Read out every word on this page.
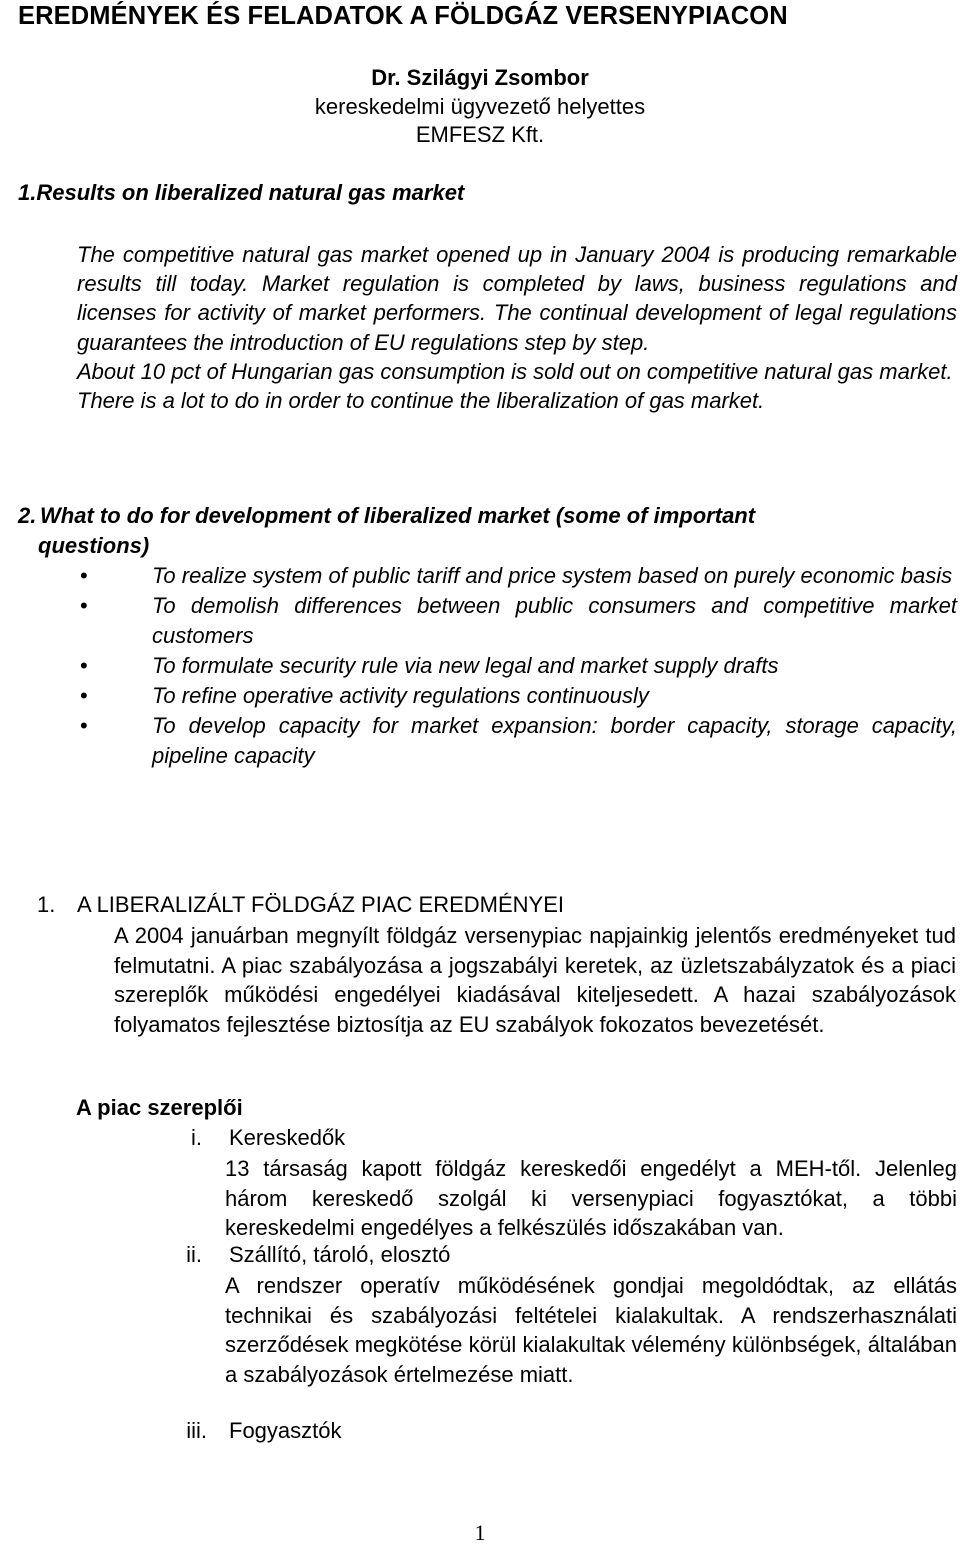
EREDMÉNYEK ÉS FELADATOK A FÖLDGÁZ VERSENYPIACON
Dr. Szilágyi Zsombor
kereskedelmi ügyvezető helyettes
EMFESZ Kft.
1.Results on liberalized natural gas market

The competitive natural gas market opened up in January 2004 is producing remarkable results till today. Market regulation is completed by laws, business regulations and licenses for activity of market performers. The continual development of legal regulations guarantees the introduction of EU regulations step by step.

About 10 pct of Hungarian gas consumption is sold out on competitive natural gas market.

There is a lot to do in order to continue the liberalization of gas market.

2. What to do for development of liberalized market (some of important
questions)
•	To realize system of public tariff and price system based on purely economic basis
•	To demolish differences between public consumers and competitive market customers
•	To formulate security rule via new legal and market supply drafts
•	To refine operative activity regulations continuously
•	To develop capacity for market expansion: border capacity, storage capacity, pipeline capacity
1. A LIBERALIZÁLT FÖLDGÁZ PIAC EREDMÉNYEI
A 2004 januárban megnyílt földgáz versenypiac napjainkig jelentős eredményeket tud felmutatni. A piac szabályozása a jogszabályi keretek, az üzletszabályzatok és a piaci szereplők működési engedélyei kiadásával kiteljesedett. A hazai szabályozások folyamatos fejlesztése biztosítja az EU szabályok fokozatos bevezetését.
A piac szereplői
i. Kereskedők
13 társaság kapott földgáz kereskedői engedélyt a MEH-től. Jelenleg három kereskedő szolgál ki versenypiaci fogyasztókat, a többi kereskedelmi engedélyes a felkészülés időszakában van.
ii. Szállító, tároló, elosztó
A rendszer operatív működésének gondjai megoldódtak, az ellátás technikai és szabályozási feltételei kialakultak. A rendszerhasználati szerződések megkötése körül kialakultak vélemény különbségek, általában a szabályozások értelmezése miatt.
iii. Fogyasztók
1
